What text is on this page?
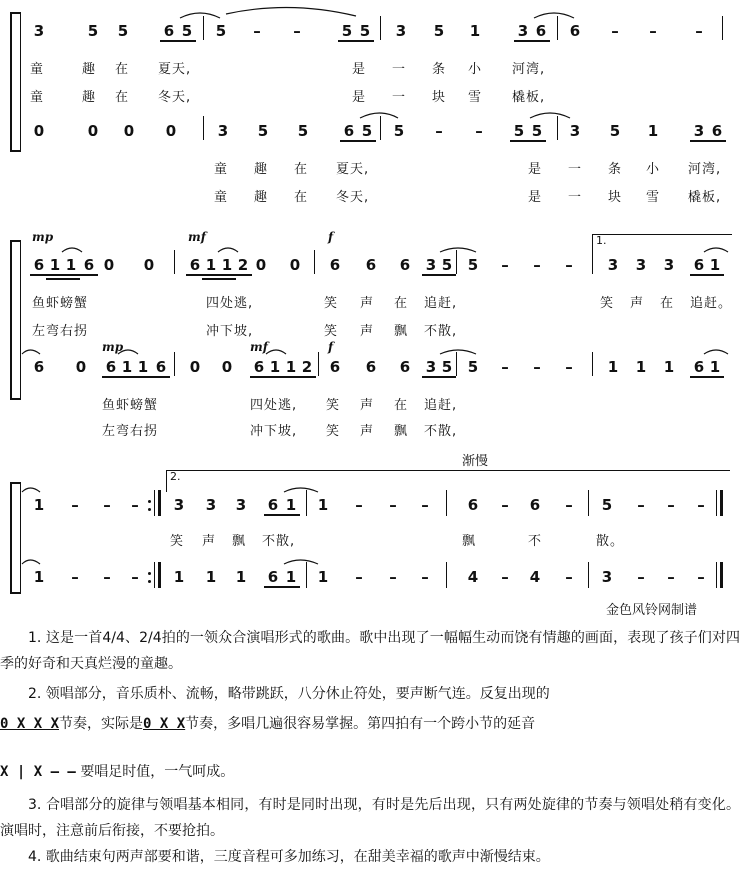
3	5 5 6 5 5	–	–	5 5 3 5 1	3 6 6	–	–	–
童	趣 在 夏天,	是 一 条 小 河湾,
童	趣 在 冬天,	是 一 块 雪 橇板,
0	0 0 0	3 5 5 6 5 5	–	–	5 5 3 5 1 3 6
童 趣 在 夏天,	是 一 条 小 河湾,
童 趣 在 冬天,	是 一 块 雪 橇板,
mp	mf	f	1.
6 1 1 6 0 0 6 1 1 2 0 0 6 6 6 3 5 5	–	–	–	3 3 3 6 1
鱼虾螃蟹	四处逃,	笑 声 在 追赶,	笑 声 在 追赶。
左弯右拐	冲下坡,	笑 声 飘 不散,
mp	mf	f
6 0 6 1 1 6 0 0 6 1 1 2 6 6 6 3 5 5	–	–	–	1 1 1 6 1
鱼虾螃蟹	四处逃, 笑 声 在 追赶,
左弯右拐	冲下坡, 笑 声 飘 不散,
渐慢
2.
1	–	–	–	3 3 3 6 1 1	–	–	–	6	–	6	–	5	–	–	–
笑 声 飘 不散,	飘	不	散。
1	–	–	–	1 1 1 6 1 1	–	–	–	4	–	4	–	3	–	–	–
金色风铃网制谱
1. 这是一首4/4、2/4拍的一领众合演唱形式的歌曲。歌中出现了一幅幅生动而饶有情趣的画面，表现了孩子们对四季的好奇和天真烂漫的童趣。
2. 领唱部分，音乐质朴、流畅，略带跳跃，八分休止符处，要声断气连。反复出现的
0 X X X节奏，实际是0 X X节奏，多唱几遍很容易掌握。第四拍有一个跨小节的延音
X | X – – 要唱足时值，一气呵成。
3. 合唱部分的旋律与领唱基本相同，有时是同时出现，有时是先后出现，只有两处旋律的节奏与领唱处稍有变化。演唱时，注意前后衔接，不要抢拍。
4. 歌曲结束句两声部要和谐，三度音程可多加练习，在甜美幸福的歌声中渐慢结束。
